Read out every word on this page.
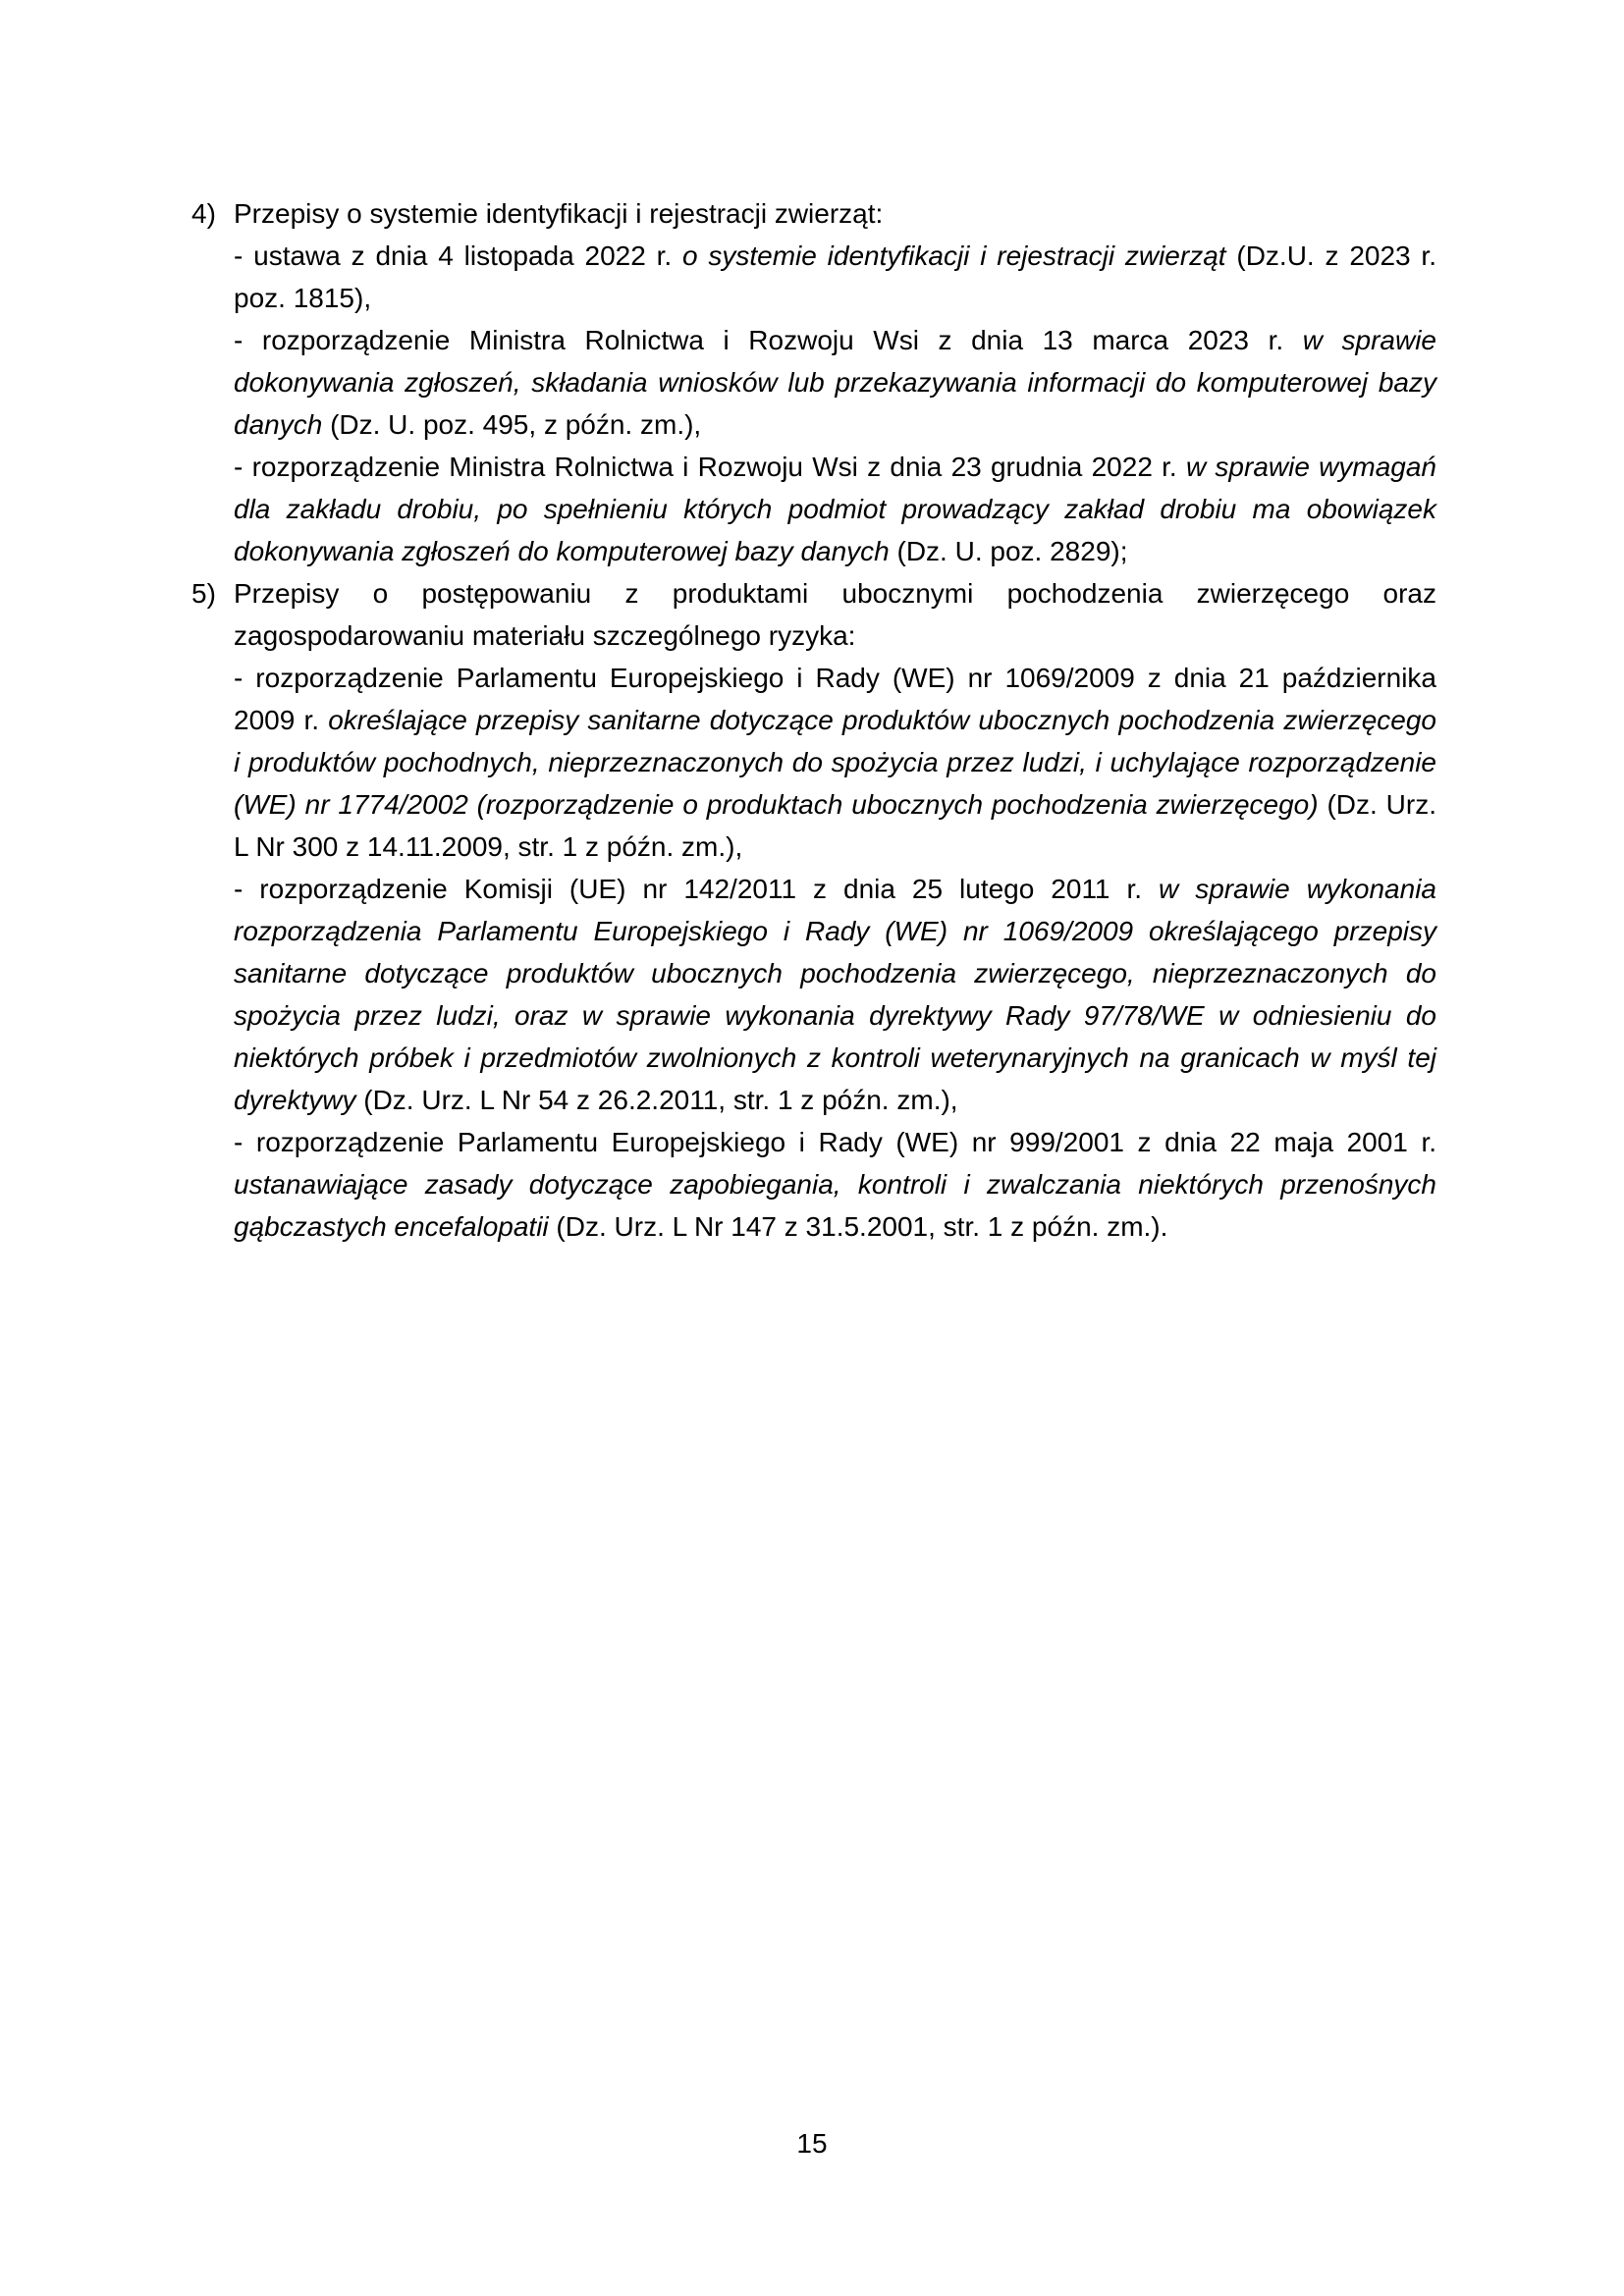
4) Przepisy o systemie identyfikacji i rejestracji zwierząt:

- ustawa z dnia 4 listopada 2022 r. o systemie identyfikacji i rejestracji zwierząt (Dz.U. z 2023 r. poz. 1815),

- rozporządzenie Ministra Rolnictwa i Rozwoju Wsi z dnia 13 marca 2023 r. w sprawie dokonywania zgłoszeń, składania wniosków lub przekazywania informacji do komputerowej bazy danych (Dz. U. poz. 495, z późn. zm.),

- rozporządzenie Ministra Rolnictwa i Rozwoju Wsi z dnia 23 grudnia 2022 r. w sprawie wymagań dla zakładu drobiu, po spełnieniu których podmiot prowadzący zakład drobiu ma obowiązek dokonywania zgłoszeń do komputerowej bazy danych (Dz. U. poz. 2829);

5) Przepisy o postępowaniu z produktami ubocznymi pochodzenia zwierzęcego oraz zagospodarowaniu materiału szczególnego ryzyka:

- rozporządzenie Parlamentu Europejskiego i Rady (WE) nr 1069/2009 z dnia 21 października 2009 r. określające przepisy sanitarne dotyczące produktów ubocznych pochodzenia zwierzęcego i produktów pochodnych, nieprzeznaczonych do spożycia przez ludzi, i uchylające rozporządzenie (WE) nr 1774/2002 (rozporządzenie o produktach ubocznych pochodzenia zwierzęcego) (Dz. Urz. L Nr 300 z 14.11.2009, str. 1 z późn. zm.),

- rozporządzenie Komisji (UE) nr 142/2011 z dnia 25 lutego 2011 r. w sprawie wykonania rozporządzenia Parlamentu Europejskiego i Rady (WE) nr 1069/2009 określającego przepisy sanitarne dotyczące produktów ubocznych pochodzenia zwierzęcego, nieprzeznaczonych do spożycia przez ludzi, oraz w sprawie wykonania dyrektywy Rady 97/78/WE w odniesieniu do niektórych próbek i przedmiotów zwolnionych z kontroli weterynaryjnych na granicach w myśl tej dyrektywy (Dz. Urz. L Nr 54 z 26.2.2011, str. 1 z późn. zm.),

- rozporządzenie Parlamentu Europejskiego i Rady (WE) nr 999/2001 z dnia 22 maja 2001 r. ustanawiające zasady dotyczące zapobiegania, kontroli i zwalczania niektórych przenośnych gąbczastych encefalopatii (Dz. Urz. L Nr 147 z 31.5.2001, str. 1 z późn. zm.).

15
